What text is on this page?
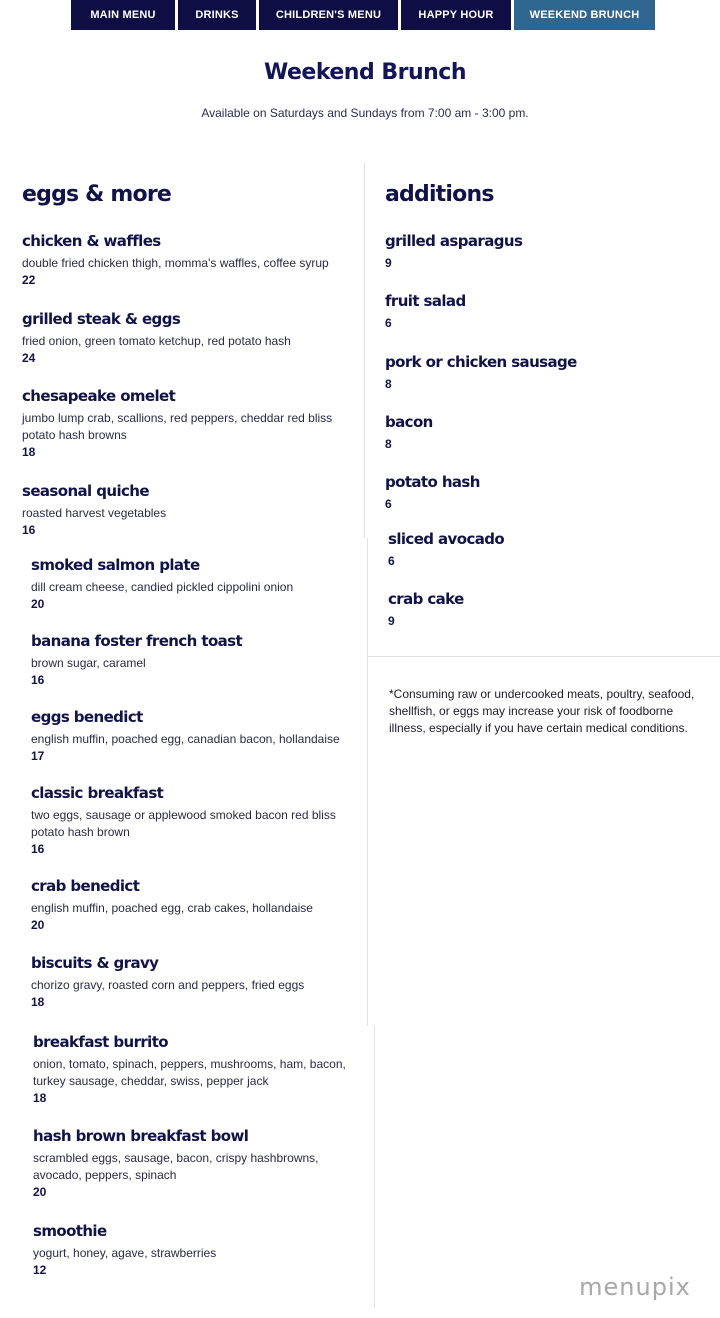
MAIN MENU	DRINKS	CHILDREN'S MENU	HAPPY HOUR	WEEKEND BRUNCH
Weekend Brunch
Available on Saturdays and Sundays from 7:00 am - 3:00 pm.
eggs & more
chicken & waffles
double fried chicken thigh, momma's waffles, coffee syrup
22
grilled steak & eggs
fried onion, green tomato ketchup, red potato hash
24
chesapeake omelet
jumbo lump crab, scallions, red peppers, cheddar red bliss potato hash browns
18
seasonal quiche
roasted harvest vegetables
16
smoked salmon plate
dill cream cheese, candied pickled cippolini onion
20
banana foster french toast
brown sugar, caramel
16
eggs benedict
english muffin, poached egg, canadian bacon, hollandaise
17
classic breakfast
two eggs, sausage or applewood smoked bacon red bliss potato hash brown
16
crab benedict
english muffin, poached egg, crab cakes, hollandaise
20
biscuits & gravy
chorizo gravy, roasted corn and peppers, fried eggs
18
breakfast burrito
onion, tomato, spinach, peppers, mushrooms, ham, bacon, turkey sausage, cheddar, swiss, pepper jack
18
hash brown breakfast bowl
scrambled eggs, sausage, bacon, crispy hashbrowns, avocado, peppers, spinach
20
smoothie
yogurt, honey, agave, strawberries
12
additions
grilled asparagus
9
fruit salad
6
pork or chicken sausage
8
bacon
8
potato hash
6
sliced avocado
6
crab cake
9
*Consuming raw or undercooked meats, poultry, seafood, shellfish, or eggs may increase your risk of foodborne illness, especially if you have certain medical conditions.
menupix
